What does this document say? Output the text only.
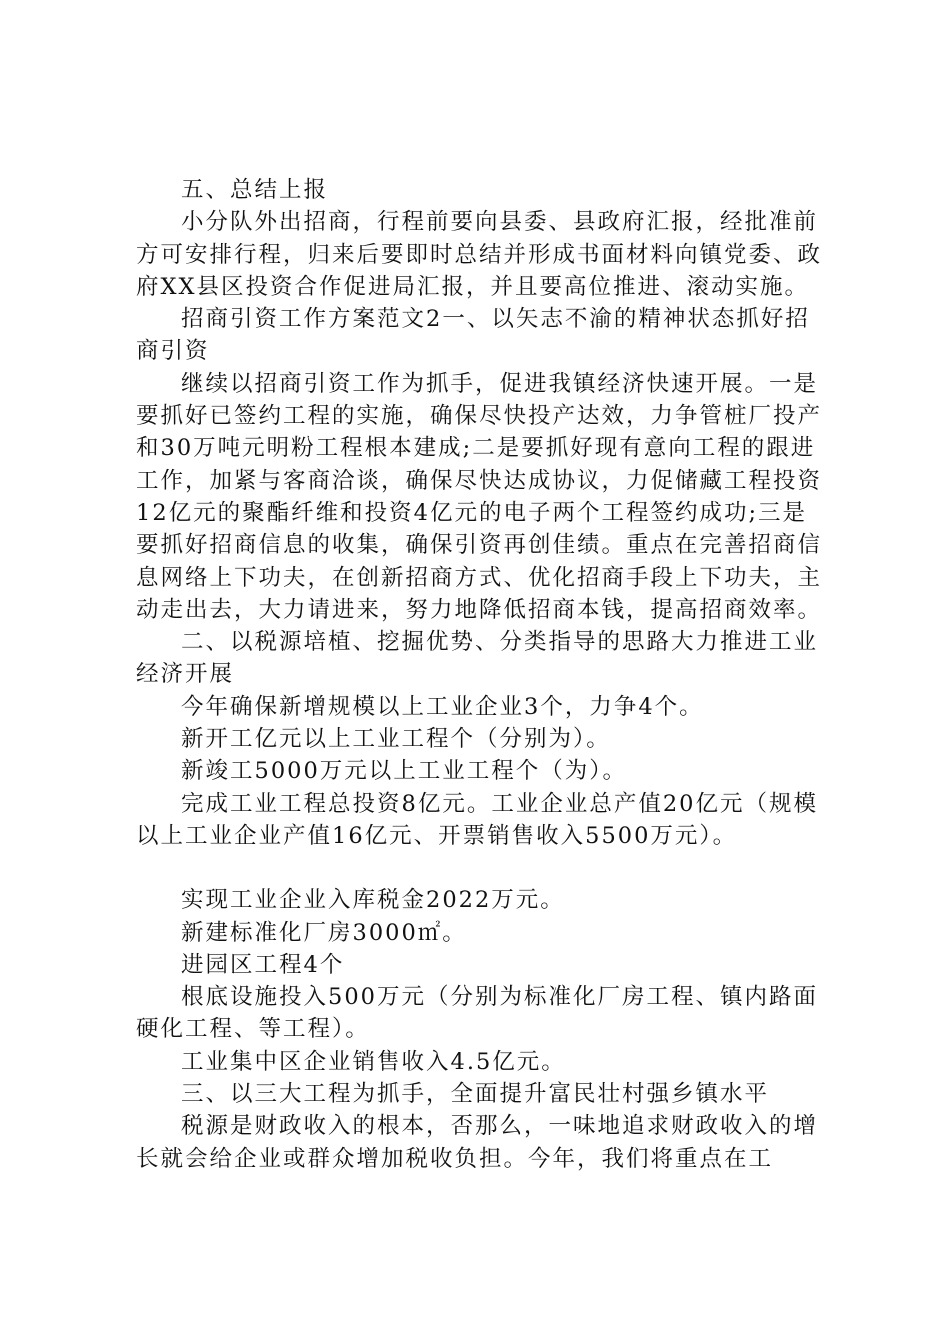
五、总结上报

小分队外出招商，行程前要向县委、县政府汇报，经批准前方可安排行程，归来后要即时总结并形成书面材料向镇党委、政府XX县区投资合作促进局汇报，并且要高位推进、滚动实施。

招商引资工作方案范文2一、以矢志不渝的精神状态抓好招商引资

继续以招商引资工作为抓手，促进我镇经济快速开展。一是要抓好已签约工程的实施，确保尽快投产达效，力争管桩厂投产和30万吨元明粉工程根本建成;二是要抓好现有意向工程的跟进工作，加紧与客商洽谈，确保尽快达成协议，力促储藏工程投资12亿元的聚酯纤维和投资4亿元的电子两个工程签约成功;三是要抓好招商信息的收集，确保引资再创佳绩。重点在完善招商信息网络上下功夫，在创新招商方式、优化招商手段上下功夫，主动走出去，大力请进来，努力地降低招商本钱，提高招商效率。

二、以税源培植、挖掘优势、分类指导的思路大力推进工业经济开展

今年确保新增规模以上工业企业3个，力争4个。

新开工亿元以上工业工程个（分别为）。

新竣工5000万元以上工业工程个（为）。

完成工业工程总投资8亿元。工业企业总产值20亿元（规模以上工业企业产值16亿元、开票销售收入5500万元）。

实现工业企业入库税金2022万元。

新建标准化厂房3000㎡。

进园区工程4个

根底设施投入500万元（分别为标准化厂房工程、镇内路面硬化工程、等工程）。

工业集中区企业销售收入4.5亿元。

三、以三大工程为抓手，全面提升富民壮村强乡镇水平

税源是财政收入的根本，否那么，一味地追求财政收入的增长就会给企业或群众增加税收负担。今年，我们将重点在工
